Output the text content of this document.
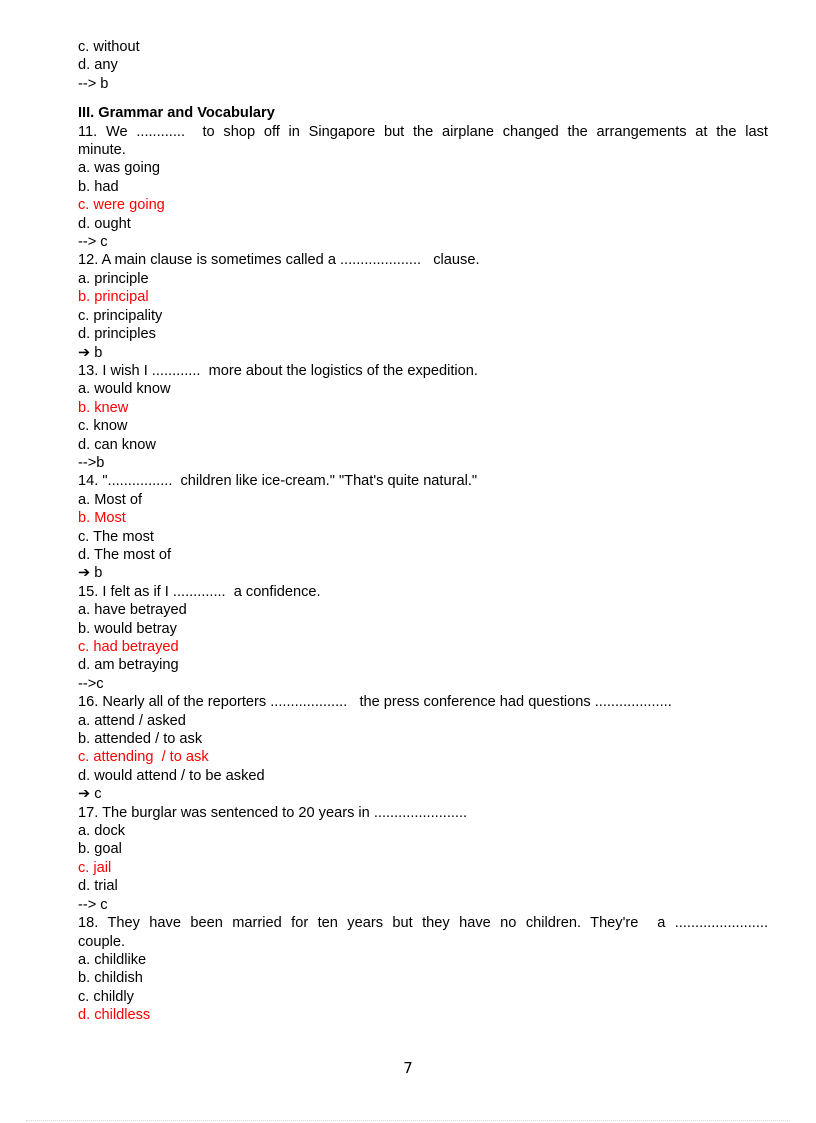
c. without
d. any
--> b
III. Grammar and Vocabulary
11. We ............  to shop off in Singapore but the airplane changed the arrangements at the last
minute.
a. was going
b. had
c. were going
d. ought
--> c
12. A main clause is sometimes called a ....................   clause.
a. principle
b. principal
c. principality
d. principles
➔ b
13. I wish I ............  more about the logistics of the expedition.
a. would know
b. knew
c. know
d. can know
-->b
14. "................  children like ice-cream." "That's quite natural."
a. Most of
b. Most
c. The most
d. The most of
➔ b
15. I felt as if I .............  a confidence.
a. have betrayed
b. would betray
c. had betrayed
d. am betraying
-->c
16. Nearly all of the reporters ...................   the press conference had questions ...................
a. attend / asked
b. attended / to ask
c. attending  / to ask
d. would attend / to be asked
➔ c
17. The burglar was sentenced to 20 years in .......................
a. dock
b. goal
c. jail
d. trial
--> c
18. They have been married for ten years but they have no children. They're  a .......................
couple.
a. childlike
b. childish
c. childly
d. childless
7
